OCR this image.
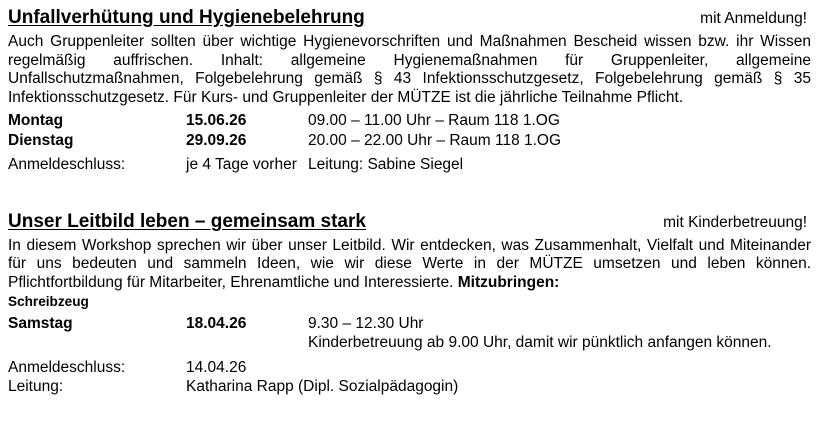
Unfallverhütung und Hygienebelehrung	mit Anmeldung!
Auch Gruppenleiter sollten über wichtige Hygienevorschriften und Maßnahmen Bescheid wissen bzw. ihr Wissen regelmäßig auffrischen. Inhalt: allgemeine Hygienemaßnahmen für Gruppenleiter, allgemeine Unfallschutzmaßnahmen, Folgebelehrung gemäß § 43 Infektionsschutzgesetz, Folgebelehrung gemäß § 35 Infektionsschutzgesetz. Für Kurs- und Gruppenleiter der MÜTZE ist die jährliche Teilnahme Pflicht.
Montag	15.06.26	09.00 – 11.00 Uhr – Raum 118 1.OG
Dienstag	29.09.26	20.00 – 22.00 Uhr – Raum 118 1.OG
Anmeldeschluss:	je 4 Tage vorher	Leitung: Sabine Siegel
Unser Leitbild leben – gemeinsam stark	mit Kinderbetreuung!
In diesem Workshop sprechen wir über unser Leitbild. Wir entdecken, was Zusammenhalt, Vielfalt und Miteinander für uns bedeuten und sammeln Ideen, wie wir diese Werte in der MÜTZE umsetzen und leben können. Pflichtfortbildung für Mitarbeiter, Ehrenamtliche und Interessierte. Mitzubringen:
Schreibzeug
Samstag	18.04.26	9.30 – 12.30 Uhr
		Kinderbetreuung ab 9.00 Uhr, damit wir pünktlich anfangen können.
Anmeldeschluss:	14.04.26	
Leitung:	Katharina Rapp (Dipl. Sozialpädagogin)	
